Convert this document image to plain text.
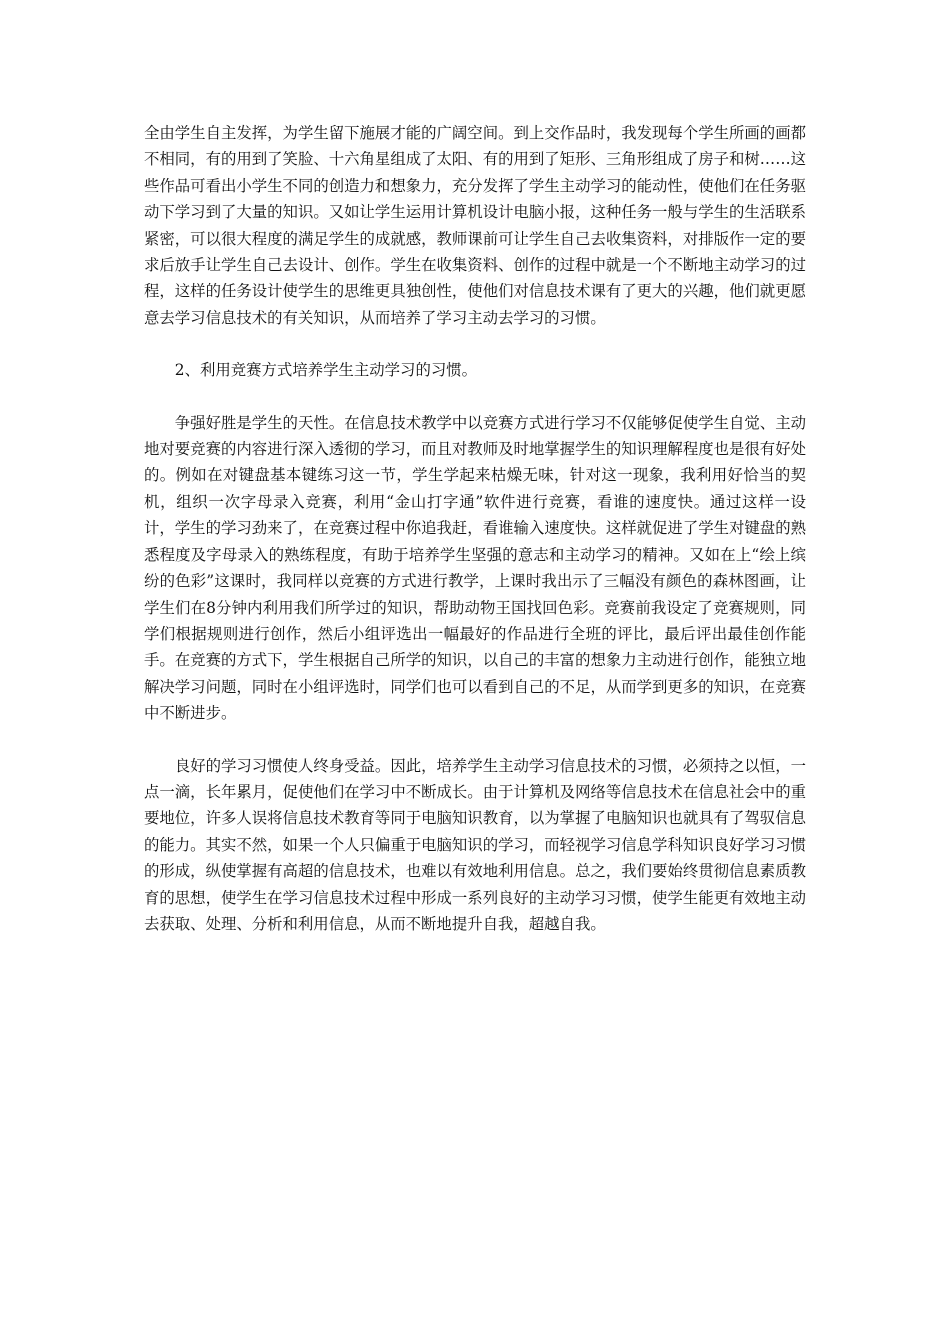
全由学生自主发挥，为学生留下施展才能的广阔空间。到上交作品时，我发现每个学生所画的画都不相同，有的用到了笑脸、十六角星组成了太阳、有的用到了矩形、三角形组成了房子和树……这些作品可看出小学生不同的创造力和想象力，充分发挥了学生主动学习的能动性，使他们在任务驱动下学习到了大量的知识。又如让学生运用计算机设计电脑小报，这种任务一般与学生的生活联系紧密，可以很大程度的满足学生的成就感，教师课前可让学生自己去收集资料，对排版作一定的要求后放手让学生自己去设计、创作。学生在收集资料、创作的过程中就是一个不断地主动学习的过程，这样的任务设计使学生的思维更具独创性，使他们对信息技术课有了更大的兴趣，他们就更愿意去学习信息技术的有关知识，从而培养了学习主动去学习的习惯。

2、利用竞赛方式培养学生主动学习的习惯。

争强好胜是学生的天性。在信息技术教学中以竞赛方式进行学习不仅能够促使学生自觉、主动地对要竞赛的内容进行深入透彻的学习，而且对教师及时地掌握学生的知识理解程度也是很有好处的。例如在对键盘基本键练习这一节，学生学起来枯燥无味，针对这一现象，我利用好恰当的契机，组织一次字母录入竞赛，利用“金山打字通”软件进行竞赛，看谁的速度快。通过这样一设计，学生的学习劲来了，在竞赛过程中你追我赶，看谁输入速度快。这样就促进了学生对键盘的熟悉程度及字母录入的熟练程度，有助于培养学生坚强的意志和主动学习的精神。又如在上“绘上缤纷的色彩”这课时，我同样以竞赛的方式进行教学，上课时我出示了三幅没有颜色的森林图画，让学生们在8分钟内利用我们所学过的知识，帮助动物王国找回色彩。竞赛前我设定了竞赛规则，同学们根据规则进行创作，然后小组评选出一幅最好的作品进行全班的评比，最后评出最佳创作能手。在竞赛的方式下，学生根据自己所学的知识，以自己的丰富的想象力主动进行创作，能独立地解决学习问题，同时在小组评选时，同学们也可以看到自己的不足，从而学到更多的知识，在竞赛中不断进步。

良好的学习习惯使人终身受益。因此，培养学生主动学习信息技术的习惯，必须持之以恒，一点一滴，长年累月，促使他们在学习中不断成长。由于计算机及网络等信息技术在信息社会中的重要地位，许多人误将信息技术教育等同于电脑知识教育，以为掌握了电脑知识也就具有了驾驭信息的能力。其实不然，如果一个人只偏重于电脑知识的学习，而轻视学习信息学科知识良好学习习惯的形成，纵使掌握有高超的信息技术，也难以有效地利用信息。总之，我们要始终贯彻信息素质教育的思想，使学生在学习信息技术过程中形成一系列良好的主动学习习惯，使学生能更有效地主动去获取、处理、分析和利用信息，从而不断地提升自我，超越自我。
